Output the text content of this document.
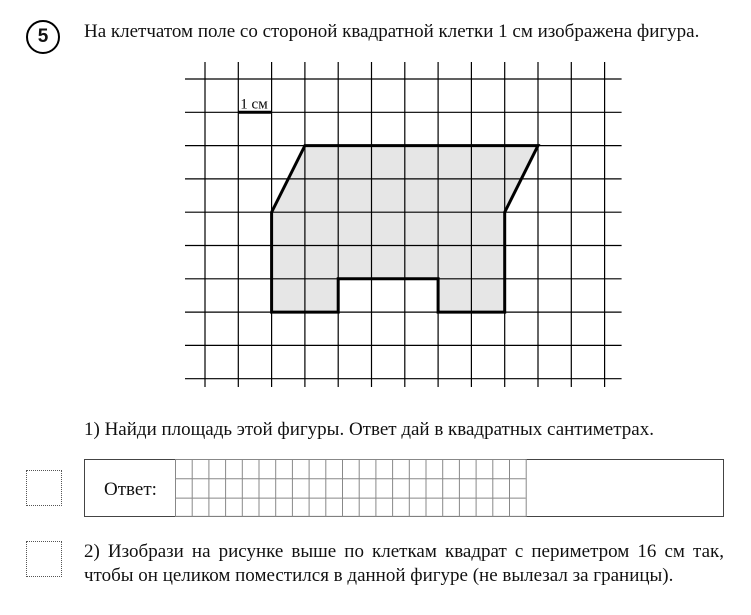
5 На клетчатом поле со стороной квадратной клетки 1 см изображена фигура.
1 см
1) Найди площадь этой фигуры. Ответ дай в квадратных сантиметрах.
Ответ:
2) Изобрази на рисунке выше по клеткам квадрат с периметром 16 см так,
чтобы он целиком поместился в данной фигуре (не вылезал за границы).
